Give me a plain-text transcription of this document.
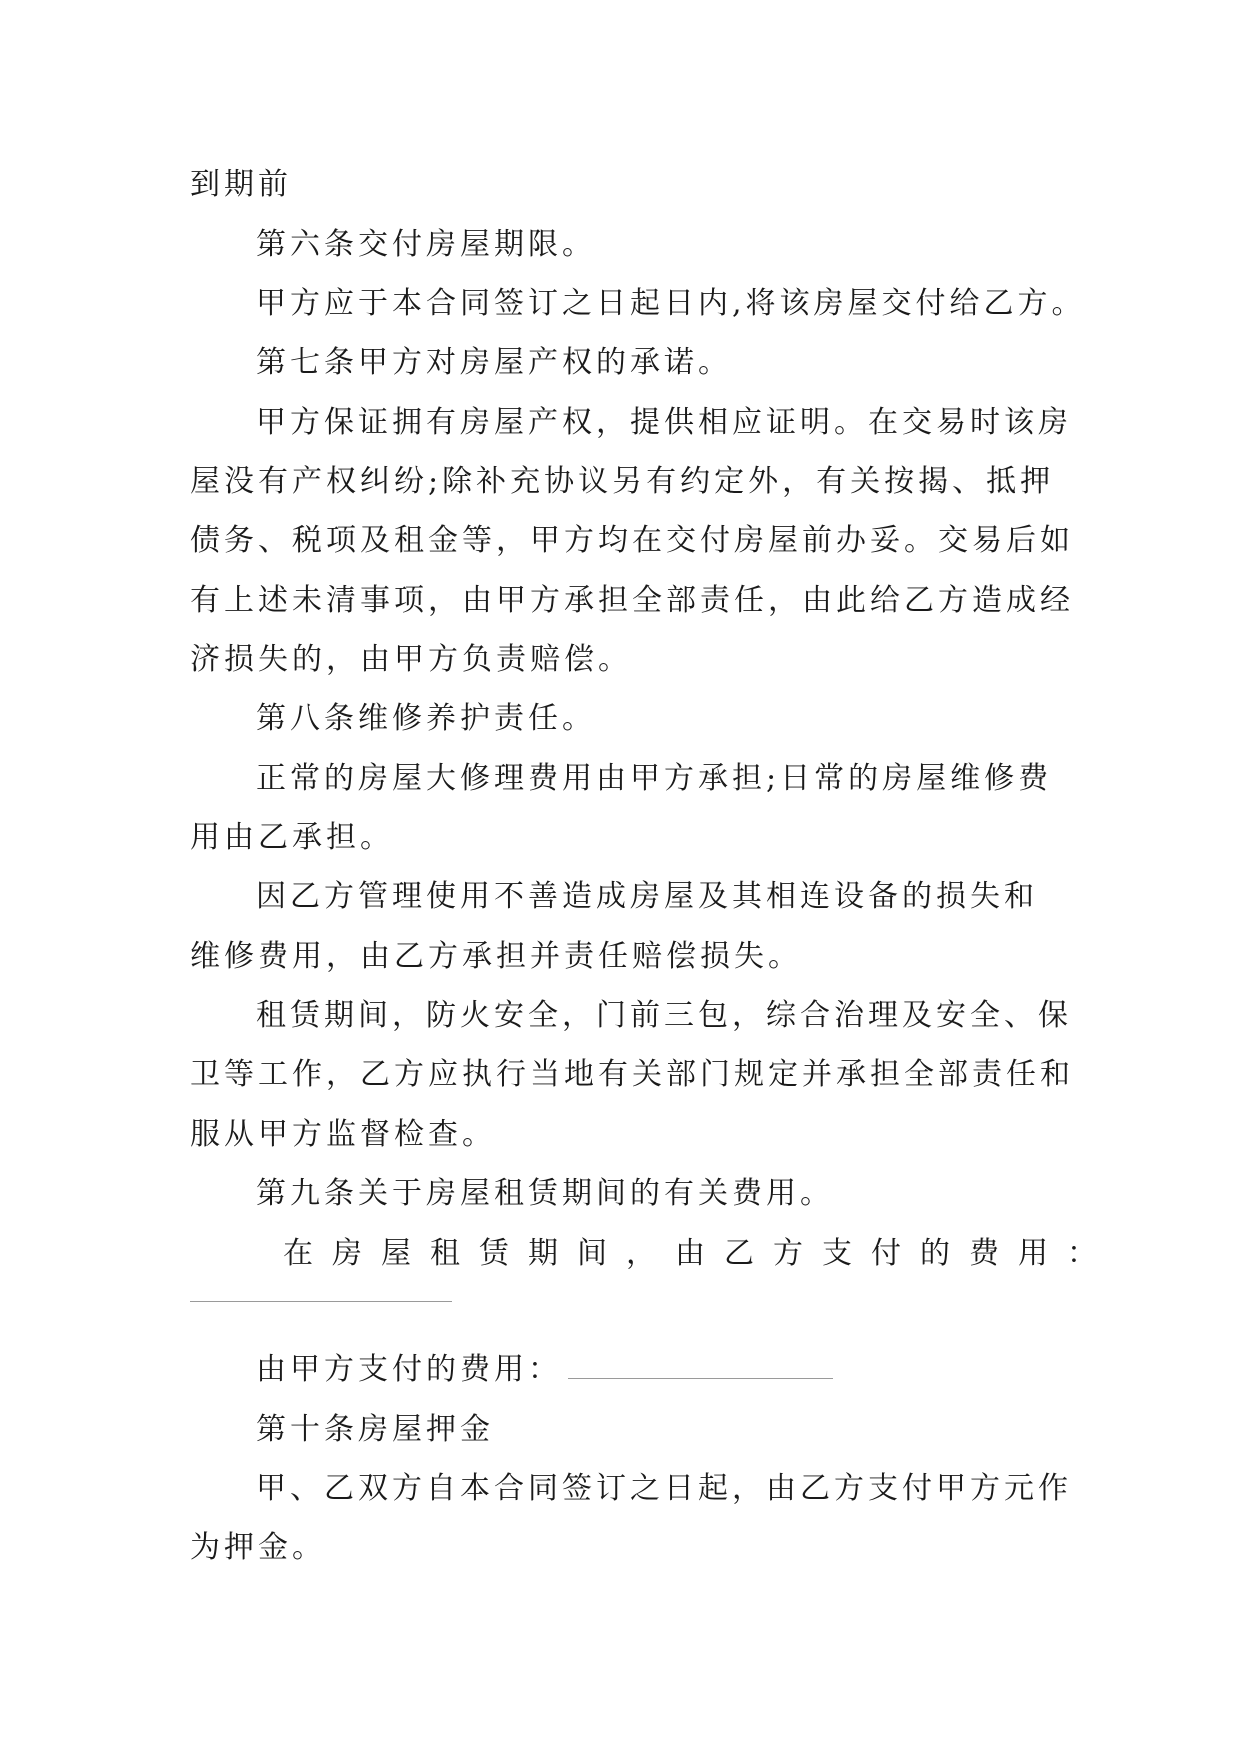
到期前
第六条交付房屋期限。
甲方应于本合同签订之日起日内,将该房屋交付给乙方。
第七条甲方对房屋产权的承诺。
甲方保证拥有房屋产权，提供相应证明。在交易时该房
屋没有产权纠纷;除补充协议另有约定外，有关按揭、抵押
债务、税项及租金等，甲方均在交付房屋前办妥。交易后如
有上述未清事项，由甲方承担全部责任，由此给乙方造成经
济损失的，由甲方负责赔偿。
第八条维修养护责任。
正常的房屋大修理费用由甲方承担;日常的房屋维修费
用由乙承担。
因乙方管理使用不善造成房屋及其相连设备的损失和
维修费用，由乙方承担并责任赔偿损失。
租赁期间，防火安全，门前三包，综合治理及安全、保
卫等工作，乙方应执行当地有关部门规定并承担全部责任和
服从甲方监督检查。
第九条关于房屋租赁期间的有关费用。
在房屋租赁期间，由乙方支付的费用：
由甲方支付的费用：
第十条房屋押金
甲、乙双方自本合同签订之日起，由乙方支付甲方元作
为押金。
